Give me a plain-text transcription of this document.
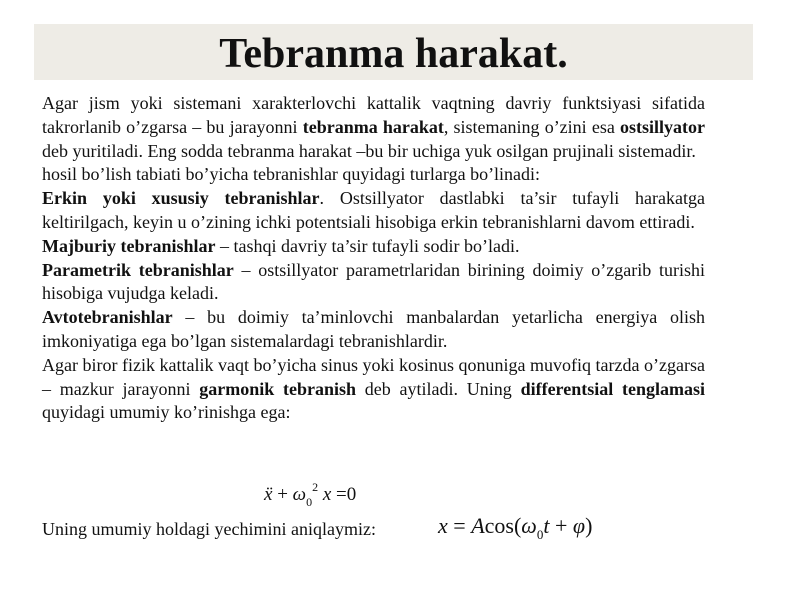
Tebranma harakat.

Agar jism yoki sistemani xarakterlovchi kattalik vaqtning davriy funktsiyasi sifatida takrorlanib o’zgarsa – bu jarayonni tebranma harakat, sistemaning o’zini esa ostsillyator deb yuritiladi. Eng sodda tebranma harakat –bu bir uchiga yuk osilgan prujinali sistemadir.

hosil bo’lish tabiati bo’yicha tebranishlar quyidagi turlarga bo’linadi:

Erkin yoki xususiy tebranishlar. Ostsillyator dastlabki ta’sir tufayli harakatga keltirilgach, keyin u o’zining ichki potentsiali hisobiga erkin tebranishlarni davom ettiradi.

Majburiy tebranishlar – tashqi davriy ta’sir tufayli sodir bo’ladi.

Parametrik tebranishlar – ostsillyator parametrlaridan birining doimiy o’zgarib turishi hisobiga vujudga keladi.

Avtotebranishlar – bu doimiy ta’minlovchi manbalardan yetarlicha energiya olish imkoniyatiga ega bo’lgan sistemalardagi tebranishlardir.

Agar biror fizik kattalik vaqt bo’yicha sinus yoki kosinus qonuniga muvofiq tarzda o’zgarsa – mazkur jarayonni garmonik tebranish deb aytiladi. Uning differentsial tenglamasi quyidagi umumiy ko’rinishga ega:

ẍ + $\omega_0^2$ x =0
Uning umumiy holdagi yechimini aniqlaymiz:	$x = Acos(\omega_0t + \varphi)$
